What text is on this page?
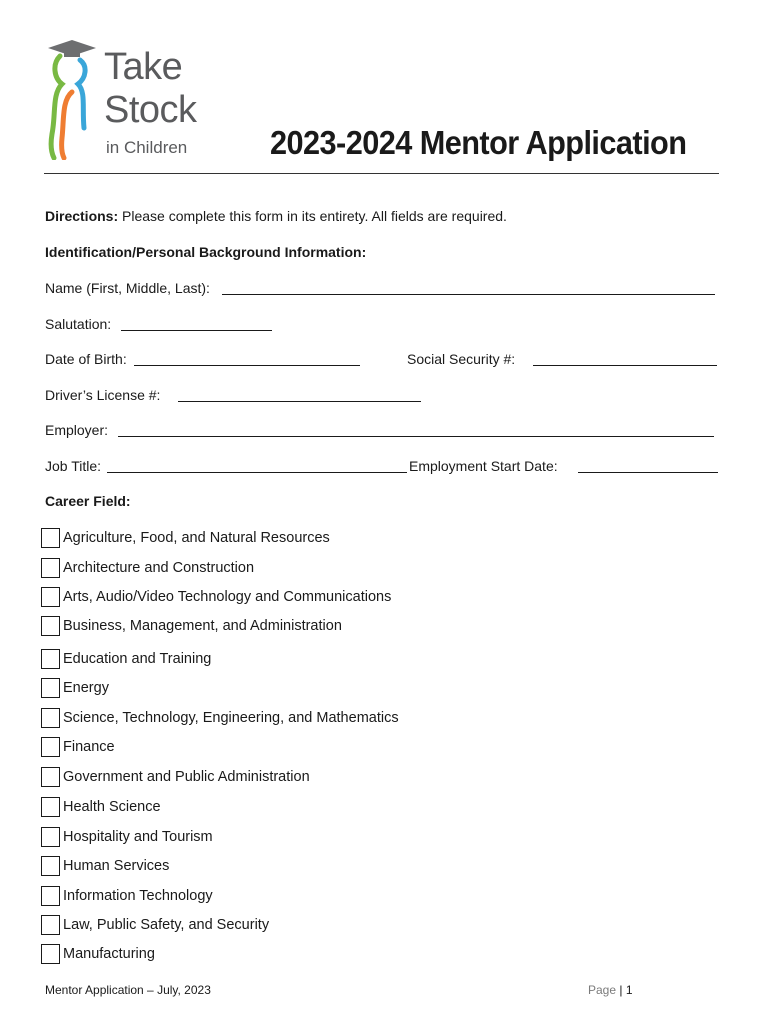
Take
Stock
in Children	2023-2024 Mentor Application
Directions: Please complete this form in its entirety. All fields are required.
Identification/Personal Background Information:
Name (First, Middle, Last):
Salutation:
Date of Birth:	Social Security #:
Driver’s License #:
Employer:
Job Title:	Employment Start Date:
Career Field:
Agriculture, Food, and Natural Resources
Architecture and Construction
Arts, Audio/Video Technology and Communications
Business, Management, and Administration
Education and Training
Energy
Science, Technology, Engineering, and Mathematics
Finance
Government and Public Administration
Health Science
Hospitality and Tourism
Human Services
Information Technology
Law, Public Safety, and Security
Manufacturing
Mentor Application – July, 2023	Page | 1
